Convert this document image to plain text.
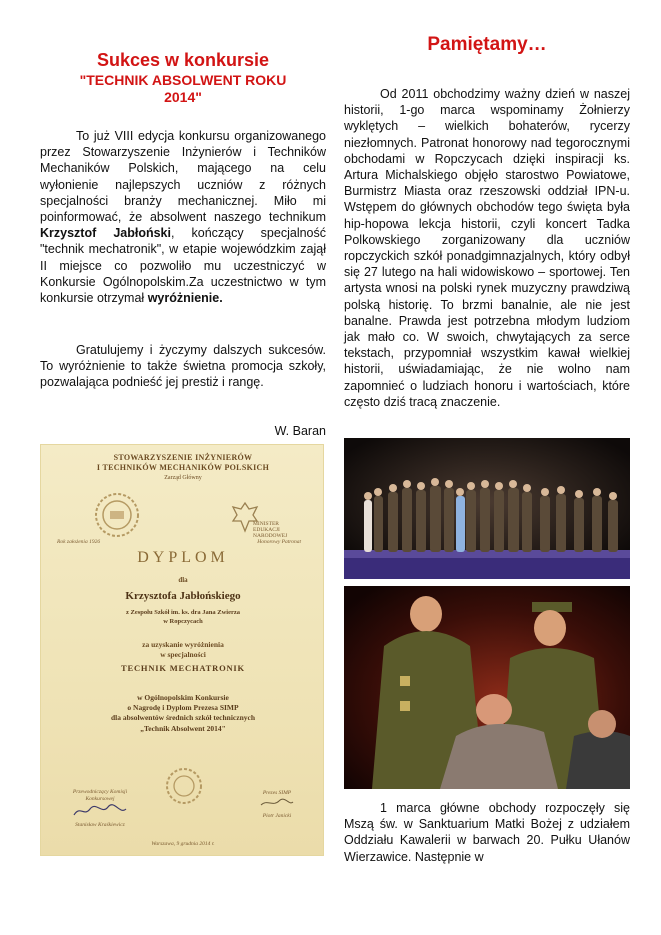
Sukces w konkursie
"TECHNIK ABSOLWENT ROKU
2014"
To już VIII edycja konkursu organizowanego przez Stowarzyszenie Inżynierów i Techników Mechaników Polskich, mającego na celu wyłonienie najlepszych uczniów z różnych specjalności branży mechanicznej. Miło mi poinformować, że absolwent naszego technikum Krzysztof Jabłoński, kończący specjalność "technik mechatronik", w etapie wojewódzkim zajął II miejsce co pozwoliło mu uczestniczyć w Konkursie Ogólnopolskim.Za uczestnictwo w tym konkursie otrzymał wyróżnienie.
Gratulujemy i życzymy dalszych sukcesów. To wyróżnienie to także świetna promocja szkoły, pozwalająca podnieść jej prestiż i rangę.
W. Baran
STOWARZYSZENIE INŻYNIERÓW
I TECHNIKÓW MECHANIKÓW POLSKICH
Zarząd Główny
Rok założenia 1926
MINISTER
EDUKACJI
NARODOWEJ
Honorowy Patronat
DYPLOM
dla
Krzysztofa Jabłońskiego
z Zespołu Szkół im. ks. dra Jana Zwierza
w Ropczycach
za uzyskanie wyróżnienia
w specjalności
TECHNIK MECHATRONIK
w Ogólnopolskim Konkursie
o Nagrodę i Dyplom Prezesa SIMP
dla absolwentów średnich szkół technicznych
„Technik Absolwent 2014"
Przewodniczący Komisji
Konkursowej
Stanisław Kraśkiewicz
Prezes SIMP
Piotr Janicki
Warszawa, 9 grudnia 2014 r.
Pamiętamy…
Od 2011 obchodzimy ważny dzień w naszej historii, 1-go marca wspominamy Żołnierzy wyklętych – wielkich bohaterów, rycerzy niezłomnych. Patronat honorowy nad tegorocznymi obchodami w Ropczycach dzięki inspiracji ks. Artura Michalskiego objęło starostwo Powiatowe, Burmistrz Miasta oraz rzeszowski oddział IPN-u. Wstępem do głównych obchodów tego święta była hip-hopowa lekcja historii, czyli koncert Tadka Polkowskiego zorganizowany dla uczniów ropczyckich szkół ponadgimnazjalnych, który odbył się 27 lutego na hali widowiskowo – sportowej. Ten artysta wnosi na polski rynek muzyczny prawdziwą polską historię. To brzmi banalnie, ale nie jest banalne. Prawda jest potrzebna młodym ludziom jak mało co. W swoich, chwytających za serce tekstach, przypomniał wszystkim kawał wielkiej historii, uświadamiając, że nie wolno nam zapomnieć o ludziach honoru i wartościach, które często dziś tracą znaczenie.
1 marca główne obchody rozpoczęły się Mszą św. w Sanktuarium Matki Bożej z udziałem Oddziału Kawalerii w barwach 20. Pułku Ułanów Wierzawice. Następnie w
